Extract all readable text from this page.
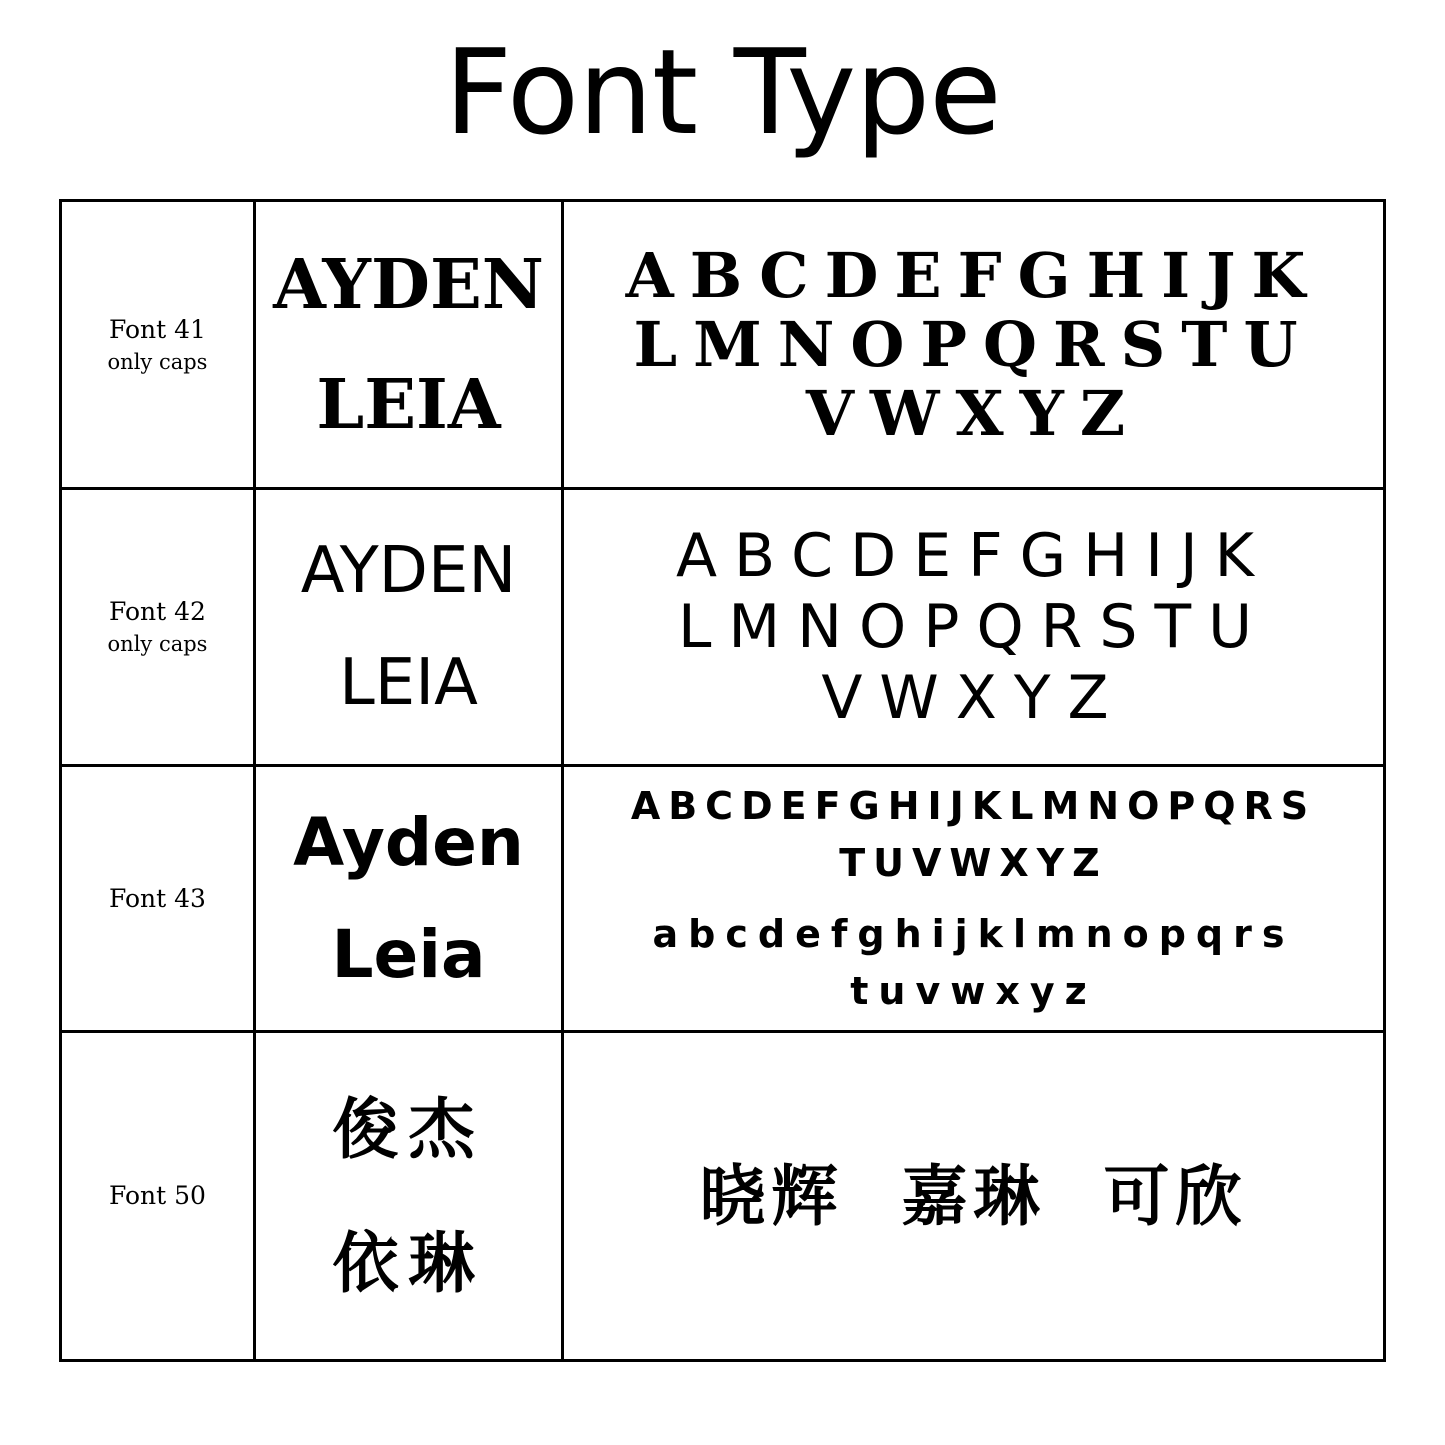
Font Type
Font 41
only caps
AYDEN
LEIA
ABCDEFGHIJK
LMNOPQRSTU
VWXYZ
Font 42
only caps
AYDEN
LEIA
ABCDEFGHIJK
LMNOPQRSTU
VWXYZ
Font 43
Ayden
Leia
ABCDEFGHIJKLMNOPQRS
TUVWXYZ
abcdefghijklmnopqrs
tuvwxyz
Font 50
俊杰
依琳
晓辉  嘉琳  可欣
